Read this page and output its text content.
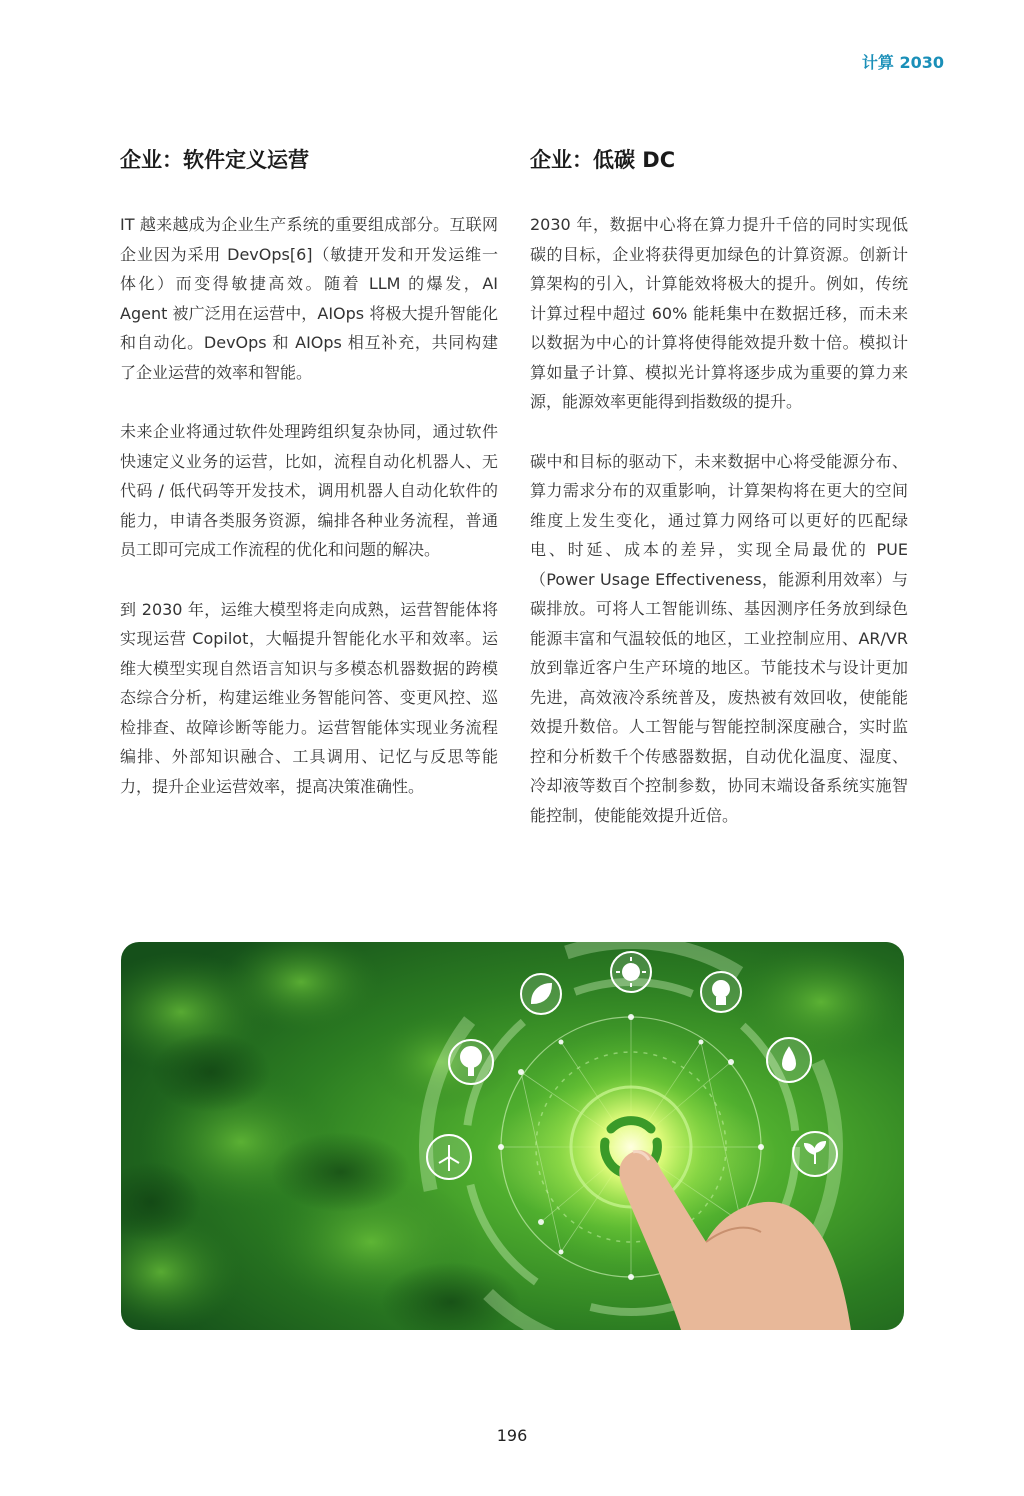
计算 2030
企业：软件定义运营

IT 越来越成为企业生产系统的重要组成部分。互联网企业因为采用 DevOps[6]（敏捷开发和开发运维一体化）而变得敏捷高效。随着 LLM 的爆发，AI Agent 被广泛用在运营中，AIOps 将极大提升智能化和自动化。DevOps 和 AIOps 相互补充，共同构建了企业运营的效率和智能。

未来企业将通过软件处理跨组织复杂协同，通过软件快速定义业务的运营，比如，流程自动化机器人、无代码 / 低代码等开发技术，调用机器人自动化软件的能力，申请各类服务资源，编排各种业务流程，普通员工即可完成工作流程的优化和问题的解决。

到 2030 年，运维大模型将走向成熟，运营智能体将实现运营 Copilot，大幅提升智能化水平和效率。运维大模型实现自然语言知识与多模态机器数据的跨模态综合分析，构建运维业务智能问答、变更风控、巡检排查、故障诊断等能力。运营智能体实现业务流程编排、外部知识融合、工具调用、记忆与反思等能力，提升企业运营效率，提高决策准确性。

企业：低碳 DC

2030 年，数据中心将在算力提升千倍的同时实现低碳的目标，企业将获得更加绿色的计算资源。创新计算架构的引入，计算能效将极大的提升。例如，传统计算过程中超过 60% 能耗集中在数据迁移，而未来以数据为中心的计算将使得能效提升数十倍。模拟计算如量子计算、模拟光计算将逐步成为重要的算力来源，能源效率更能得到指数级的提升。

碳中和目标的驱动下，未来数据中心将受能源分布、算力需求分布的双重影响，计算架构将在更大的空间维度上发生变化，通过算力网络可以更好的匹配绿电、时延、成本的差异，实现全局最优的 PUE（Power Usage Effectiveness，能源利用效率）与碳排放。可将人工智能训练、基因测序任务放到绿色能源丰富和气温较低的地区，工业控制应用、AR/VR 放到靠近客户生产环境的地区。节能技术与设计更加先进，高效液冷系统普及，废热被有效回收，使能能效提升数倍。人工智能与智能控制深度融合，实时监控和分析数千个传感器数据，自动优化温度、湿度、冷却液等数百个控制参数，协同末端设备系统实施智能控制，使能能效提升近倍。

196
